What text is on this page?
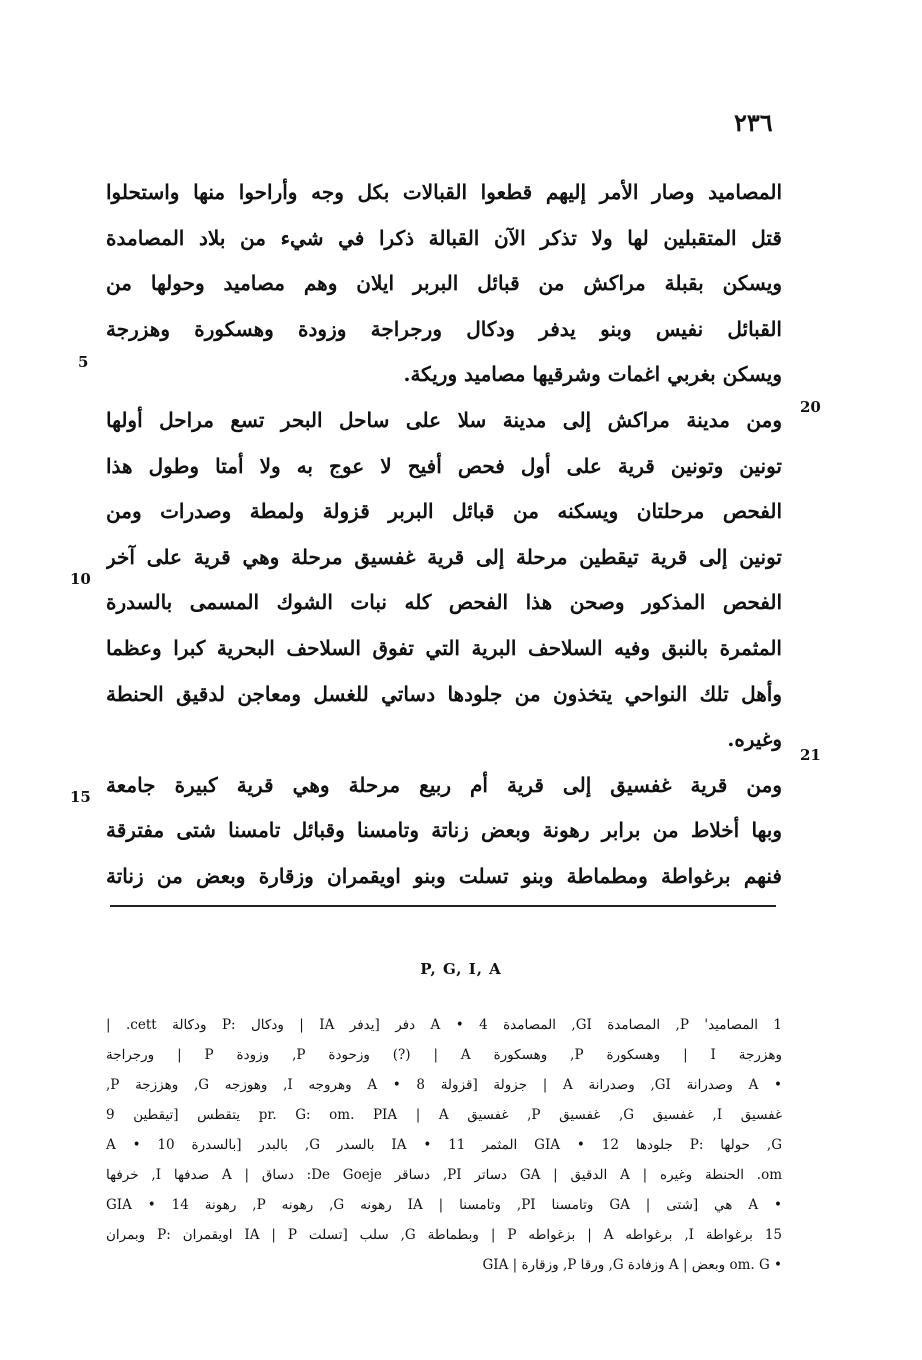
٢٣٦
المصاميد وصار الأمر إليهم قطعوا القبالات بكل وجه وأراحوا منها واستحلوا
قتل المتقبلين لها ولا تذكر الآن القبالة ذكرا في شيء من بلاد المصامدة
ويسكن بقبلة مراكش من قبائل البربر ايلان وهم مصاميد وحولها من
القبائل نفيس وبنو يدفر ودكال ورجراجة وزودة وهسكورة وهزرجة
ويسكن بغربي اغمات وشرقيها مصاميد وريكة.
ومن مدينة مراكش إلى مدينة سلا على ساحل البحر تسع مراحل أولها
تونين وتونين قرية على أول فحص أفيح لا عوج به ولا أمتا وطول هذا
الفحص مرحلتان ويسكنه من قبائل البربر قزولة ولمطة وصدرات ومن
تونين إلى قرية تيقطين مرحلة إلى قرية غفسيق مرحلة وهي قرية على آخر
الفحص المذكور وصحن هذا الفحص كله نبات الشوك المسمى بالسدرة
المثمرة بالنبق وفيه السلاحف البرية التي تفوق السلاحف البحرية كبرا وعظما
وأهل تلك النواحي يتخذون من جلودها دساتي للغسل ومعاجن لدقيق الحنطة
وغيره.
ومن قرية غفسيق إلى قرية أم ربيع مرحلة وهي قرية كبيرة جامعة
وبها أخلاط من برابر رهونة وبعض زناتة وتامسنا وقبائل تامسنا شتى مفترقة
فنهم برغواطة ومطماطة وبنو تسلت وبنو اويقمران وزقارة وبعض من زناتة
5
20
10
21
15
P, G, I, A
1 المصاميد' P, المصامدة GI, المصامدة A • 4 دفر [يدفر IA | ودكال :P ودكالة cett. |
وهزرجة I | وهسكورة P, وهسكورة A | (?) وزحودة P, وزودة P | ورجراجة
• A وصدرانة GI, وصدرانة A | جزولة [قزولة 8 • A وهروجه I, وهوزجه G, وهززجة P,
غفسيق I, غفسيق G, غفسيق P, غفسيق pr. G: om. PIA | A يتقطس [تيقطين 9
G, حولها :P جلودها 12 • GIA المثمر 11 • IA بالسدر G, بالبدر [بالسدرة 10 • A
om. الحنطة وغيره | A الدقيق | GA دساتر PI, دساقر De Goeje: دساق | A صدفها I, خرفها
• A هي [شتى | GA وتامسنا PI, وتامسنا | IA رهونه G, رهونه P, رهونة 14 • GIA
15 برغواطة I, برغواطه A | بزغواطه P | وبطماطة G, سلب [تسلت IA | P اويقمران :P وبمران
• om. G وبعض | A وزفادة G, ورقا P, وزقارة | GIA
